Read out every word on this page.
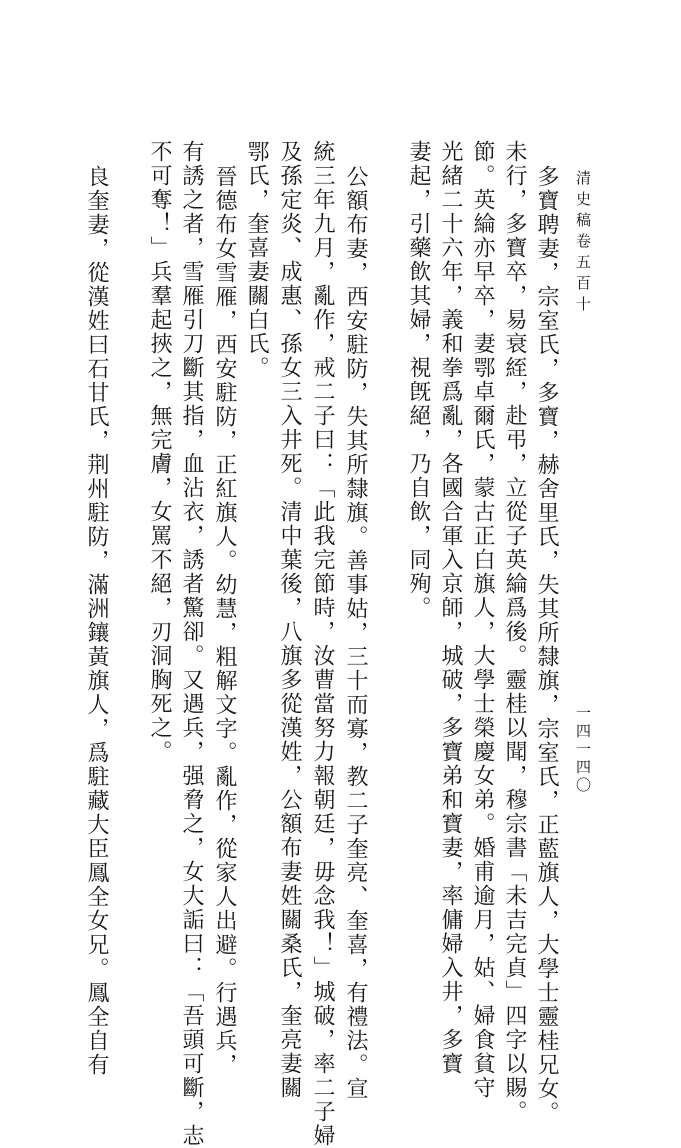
清史稿卷五百十
一四一四〇
多寶聘妻，宗室氏，多寶，赫舍里氏，失其所隸旗，宗室氏，正藍旗人，大學士靈桂兄女。
未行，多寶卒，易衰絰，赴弔，立從子英綸爲後。靈桂以聞，穆宗書「未吉完貞」四字以賜。
節。英綸亦早卒，妻鄂卓爾氏，蒙古正白旗人，大學士榮慶女弟。婚甫逾月，姑、婦食貧守
光緒二十六年，義和拳爲亂，各國合軍入京師，城破，多寶弟和寶妻，率傭婦入井，多寶
妻起，引藥飲其婦，視旣絕，乃自飲，同殉。
公額布妻，西安駐防，失其所隸旗。善事姑，三十而寡，教二子奎亮、奎喜，有禮法。宣
統三年九月，亂作，戒二子曰：「此我完節時，汝曹當努力報朝廷，毋念我！」城破，率二子婦
及孫定炎、成惠、孫女三入井死。清中葉後，八旗多從漢姓，公額布妻姓關桑氏，奎亮妻關
鄂氏，奎喜妻關白氏。
晉德布女雪雁，西安駐防，正紅旗人。幼慧，粗解文字。亂作，從家人出避。行遇兵，
有誘之者，雪雁引刀斷其指，血沾衣，誘者驚卻。又遇兵，强脅之，女大詬曰：「吾頭可斷，志
不可奪！」兵羣起挾之，無完膚，女罵不絕，刃洞胸死之。
良奎妻，從漢姓曰石甘氏，荆州駐防，滿洲鑲黃旗人，爲駐藏大臣鳳全女兄。鳳全自有
